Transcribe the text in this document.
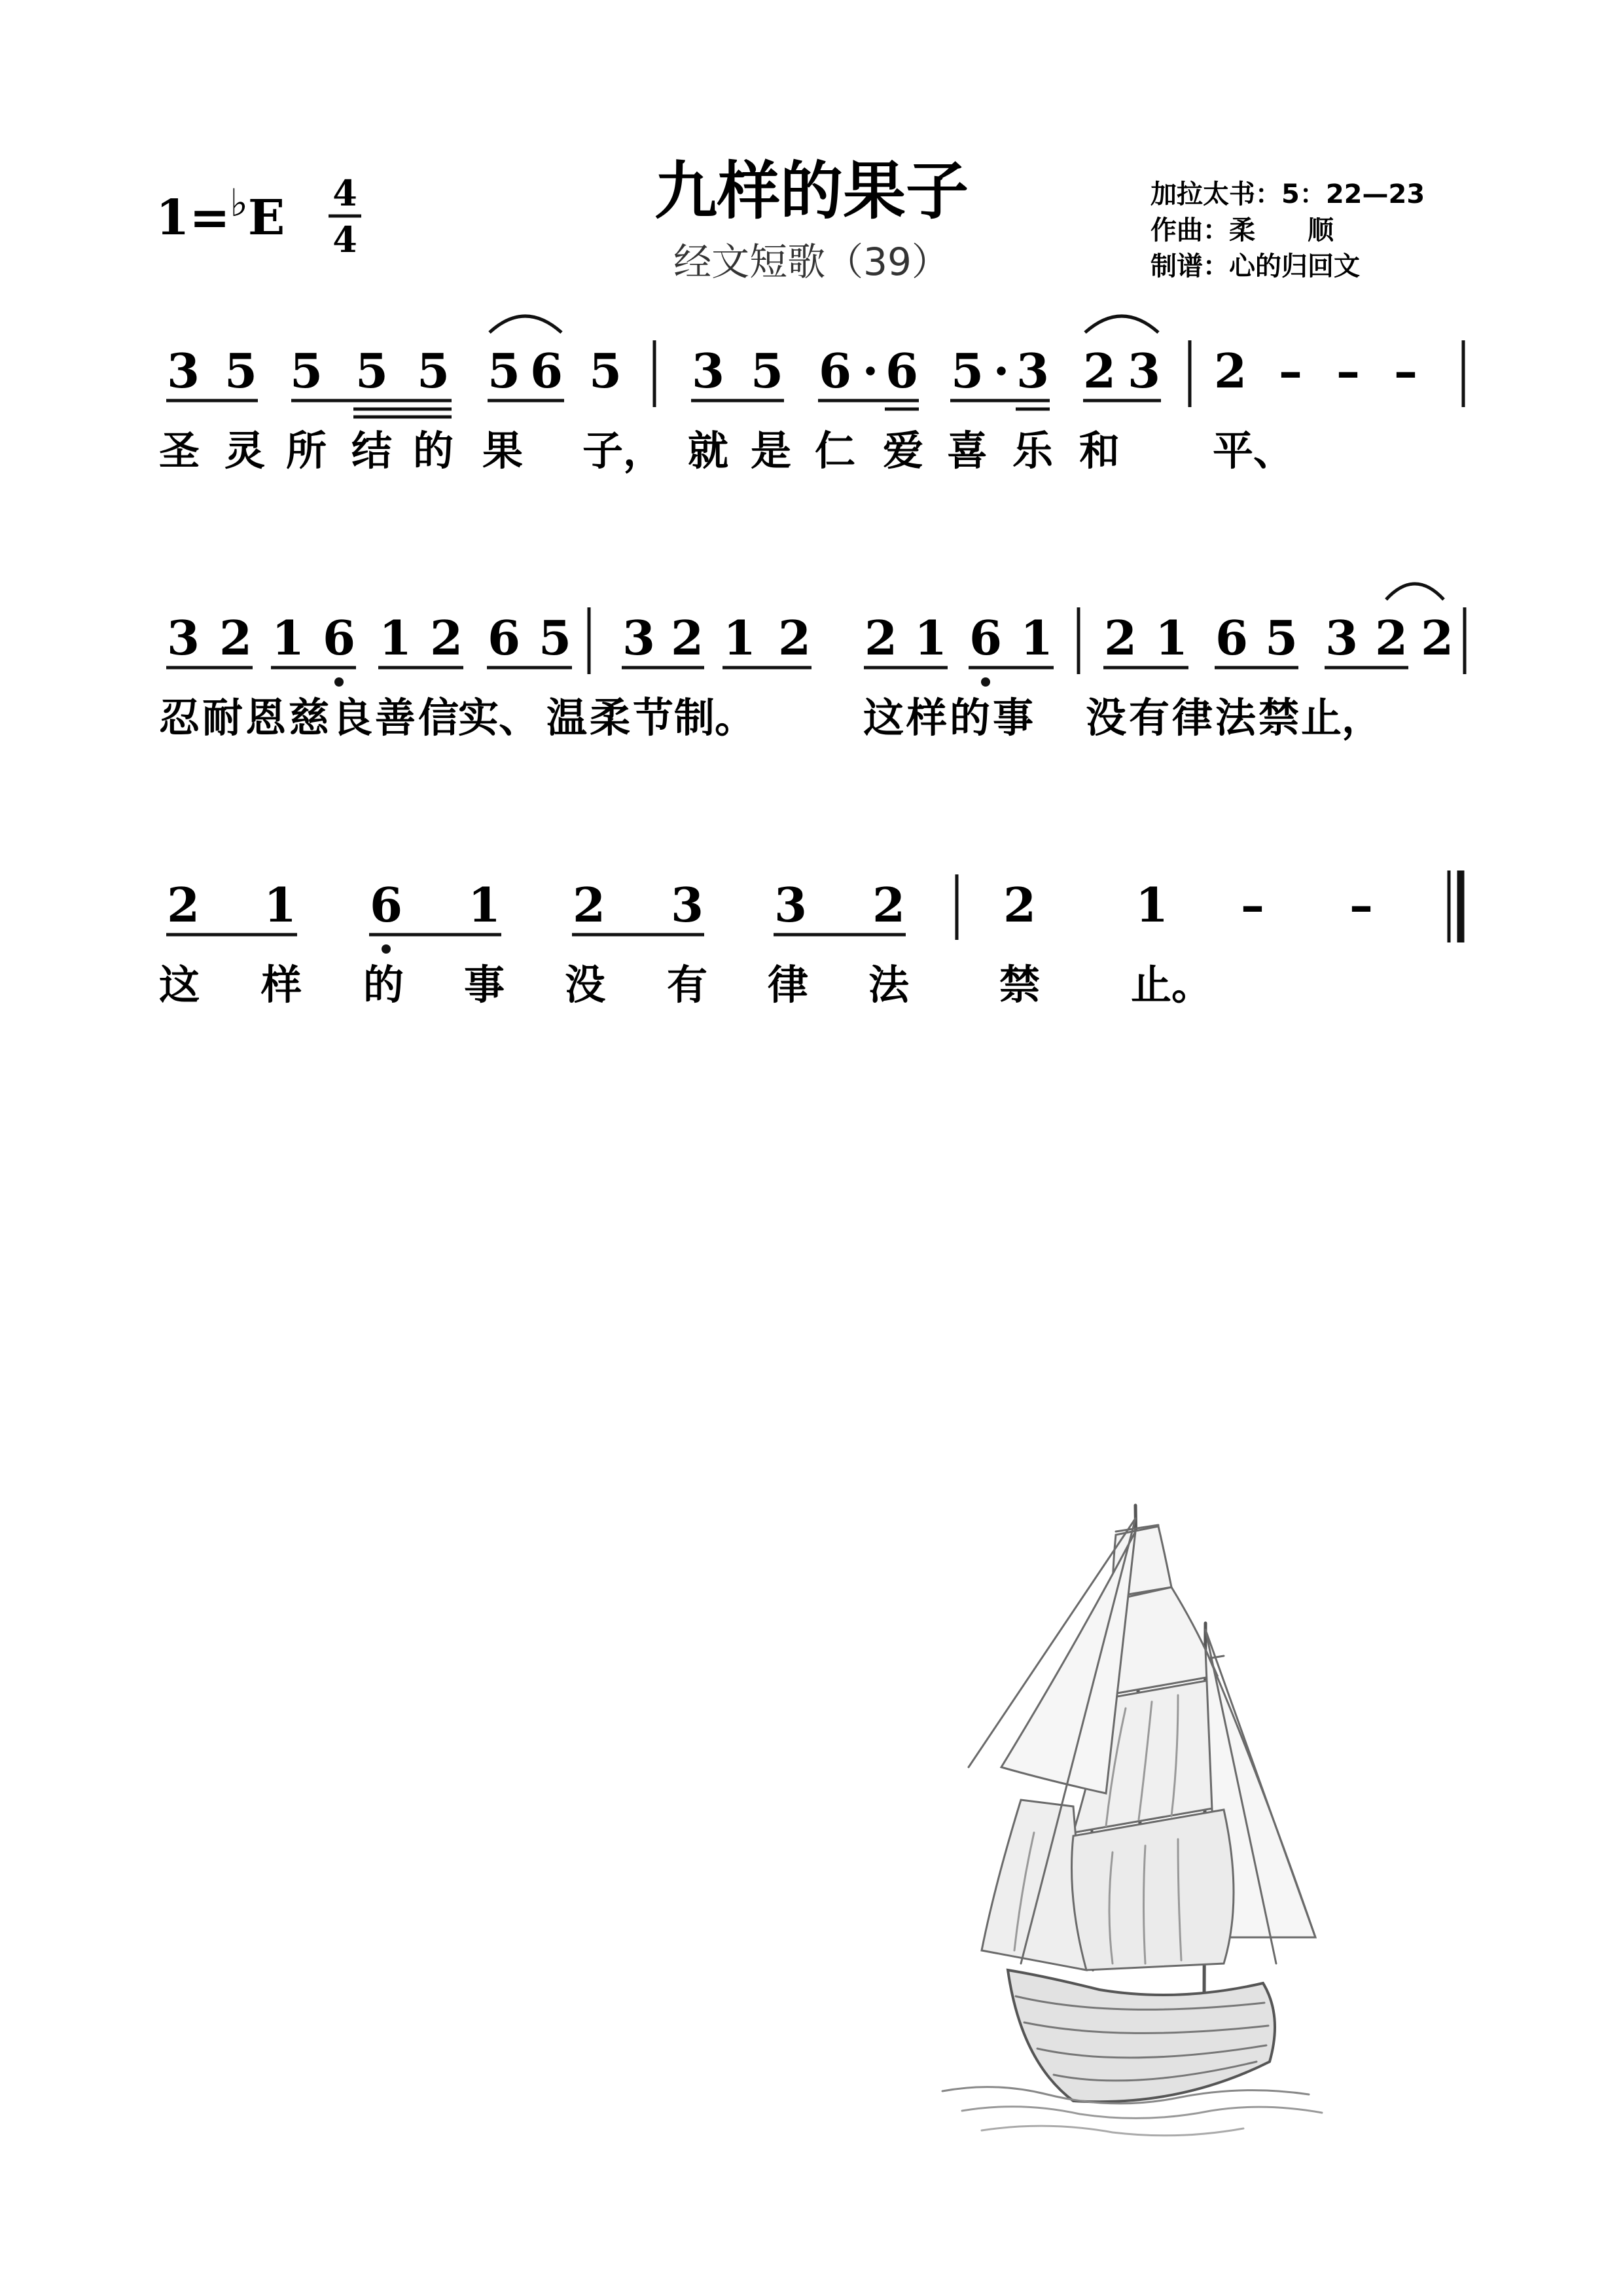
1=♭E 4
4
九样的果子
经文短歌（39）
加拉太书：5：22—23
作曲：柔　　顺
制谱：心的归回文
3 5 5 5 5 5 6 5 3 5 6 · 6 5 · 3 2 3 2 – – –
圣 灵 所 结 的 果 子， 就 是 仁 爱 喜 乐 和 平、
3 2 1 6 1 2 6 5 3 2 1 2 2 1 6 1 2 1 6 5 3 2 2
忍 耐 恩 慈 良 善 信
实、 温 柔 节 制。	这 样 的 事 没 有 律 法 禁 止，
2 1 6 1 2 3 3 2 2 1 – –
这 样 的 事 没 有 律 法 禁 止。
